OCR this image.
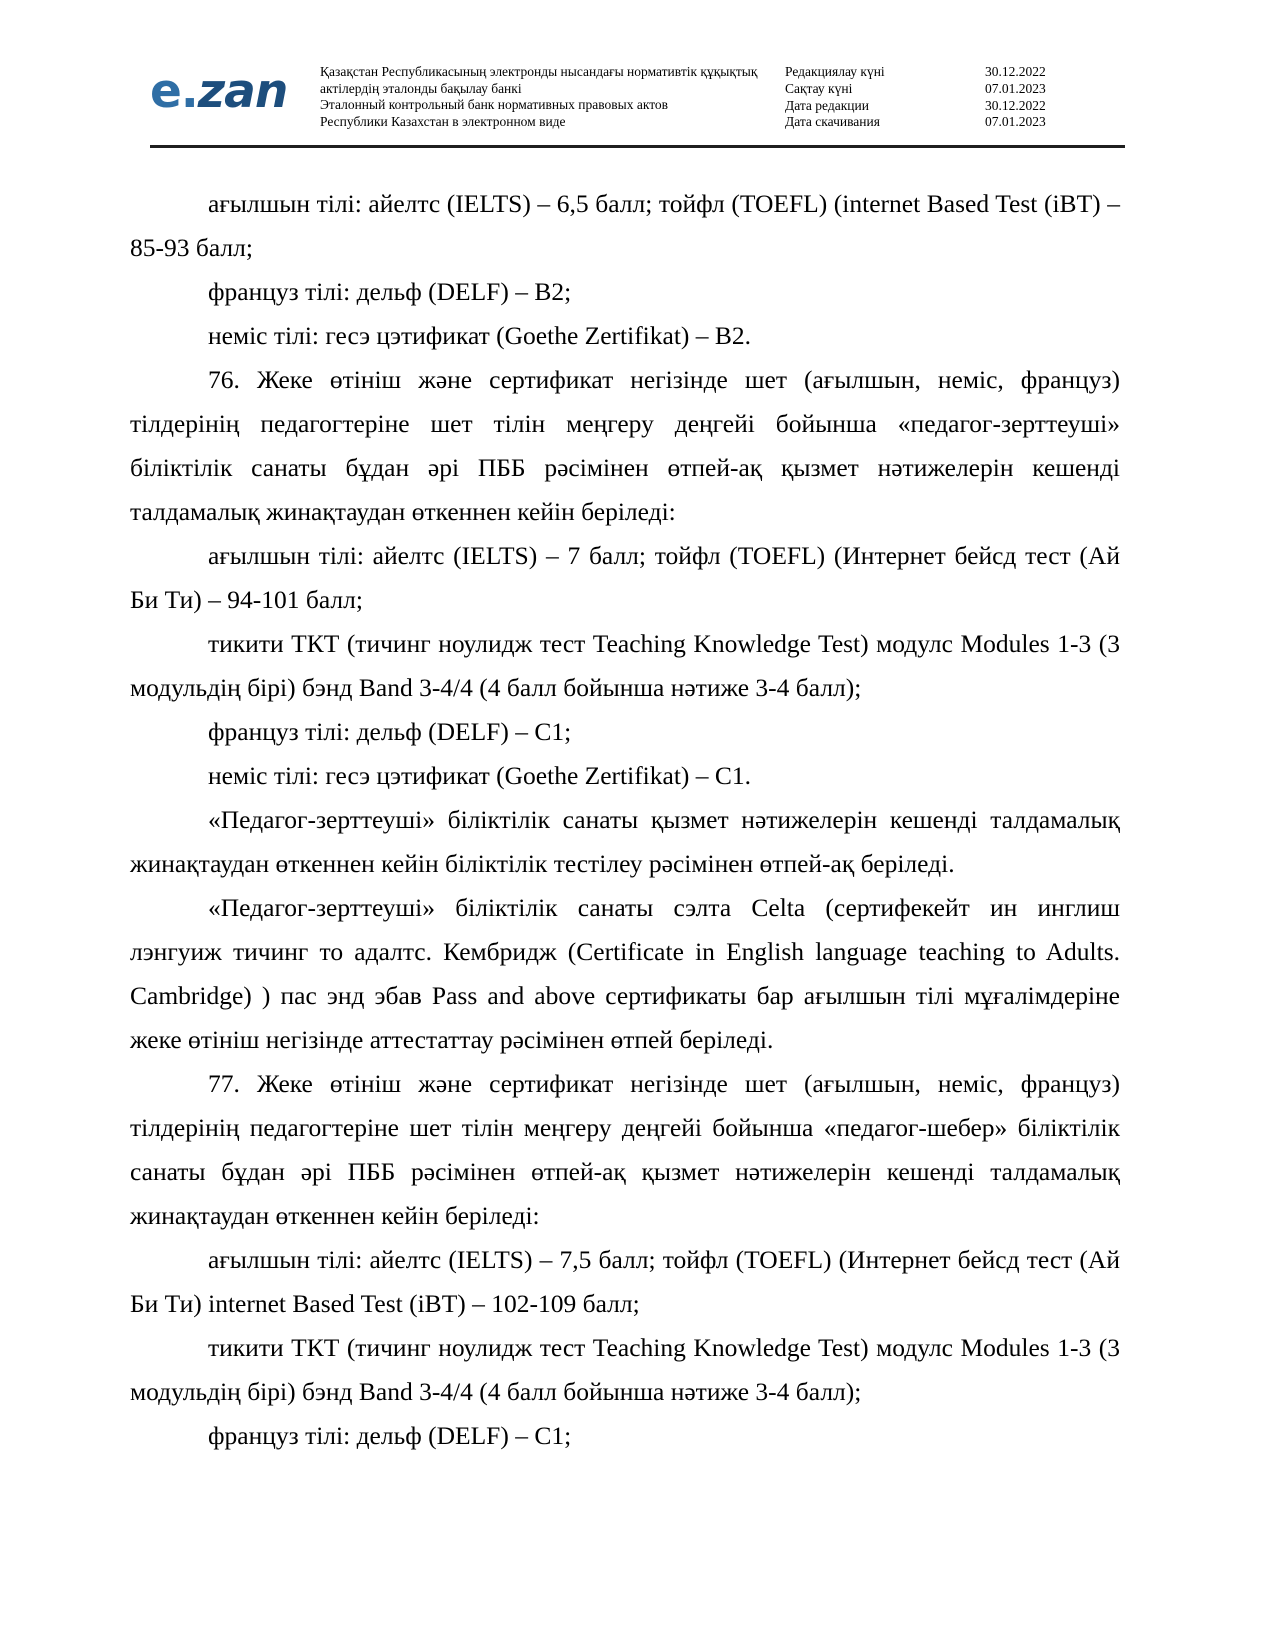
e.zan	Қазақстан Республикасының электронды нысандағы нормативтік құқықтық

актілердің эталонды бақылау банкі

Эталонный контрольный банк нормативных правовых актов

Республики Казахстан в электронном виде

Редакциялау күні	30.12.2022
Сақтау күні	07.01.2023
Дата редакции	30.12.2022
Дата скачивания	07.01.2023

ағылшын тілі: айелтс (IELTS) – 6,5 балл; тойфл (TOEFL) (internet Based Test (iBT) – 85-93 балл;

француз тілі: дельф (DELF) – В2;

неміс тілі: гесэ цэтификат (Goethe Zertifikat) – В2.

76. Жеке өтініш және сертификат негізінде шет (ағылшын, неміс, француз) тілдерінің педагогтеріне шет тілін меңгеру деңгейі бойынша «педагог-зерттеуші» біліктілік санаты бұдан әрі ПББ рәсімінен өтпей-ақ қызмет нәтижелерін кешенді талдамалық жинақтаудан өткеннен кейін беріледі:

ағылшын тілі: айелтс (IELTS) – 7 балл; тойфл (TOEFL) (Интернет бейсд тест (Ай Би Ти) – 94-101 балл;

тикити ТКТ (тичинг ноулидж тест Teaching Knowledge Test) модулс Modules 1-3 (3 модульдің бірі) бэнд Band 3-4/4 (4 балл бойынша нәтиже 3-4 балл);

француз тілі: дельф (DELF) – С1;

неміс тілі: гесэ цэтификат (Goethe Zertifikat) – С1.

«Педагог-зерттеуші» біліктілік санаты қызмет нәтижелерін кешенді талдамалық жинақтаудан өткеннен кейін біліктілік тестілеу рәсімінен өтпей-ақ беріледі.

«Педагог-зерттеуші» біліктілік санаты сэлта Celta (сертифекейт ин инглиш лэнгуиж тичинг то адалтс. Кембридж (Certificate in English language teaching to Adults. Cambridge) ) пас энд эбав Pass and above сертификаты бар ағылшын тілі мұғалімдеріне жеке өтініш негізінде аттестаттау рәсімінен өтпей беріледі.

77. Жеке өтініш және сертификат негізінде шет (ағылшын, неміс, француз) тілдерінің педагогтеріне шет тілін меңгеру деңгейі бойынша «педагог-шебер» біліктілік санаты бұдан әрі ПББ рәсімінен өтпей-ақ қызмет нәтижелерін кешенді талдамалық жинақтаудан өткеннен кейін беріледі:

ағылшын тілі: айелтс (IELTS) – 7,5 балл; тойфл (TOEFL) (Интернет бейсд тест (Ай Би Ти) internet Based Test (iBT) – 102-109 балл;

тикити ТКТ (тичинг ноулидж тест Teaching Knowledge Test) модулс Modules 1-3 (3 модульдің бірі) бэнд Band 3-4/4 (4 балл бойынша нәтиже 3-4 балл);

француз тілі: дельф (DELF) – С1;
